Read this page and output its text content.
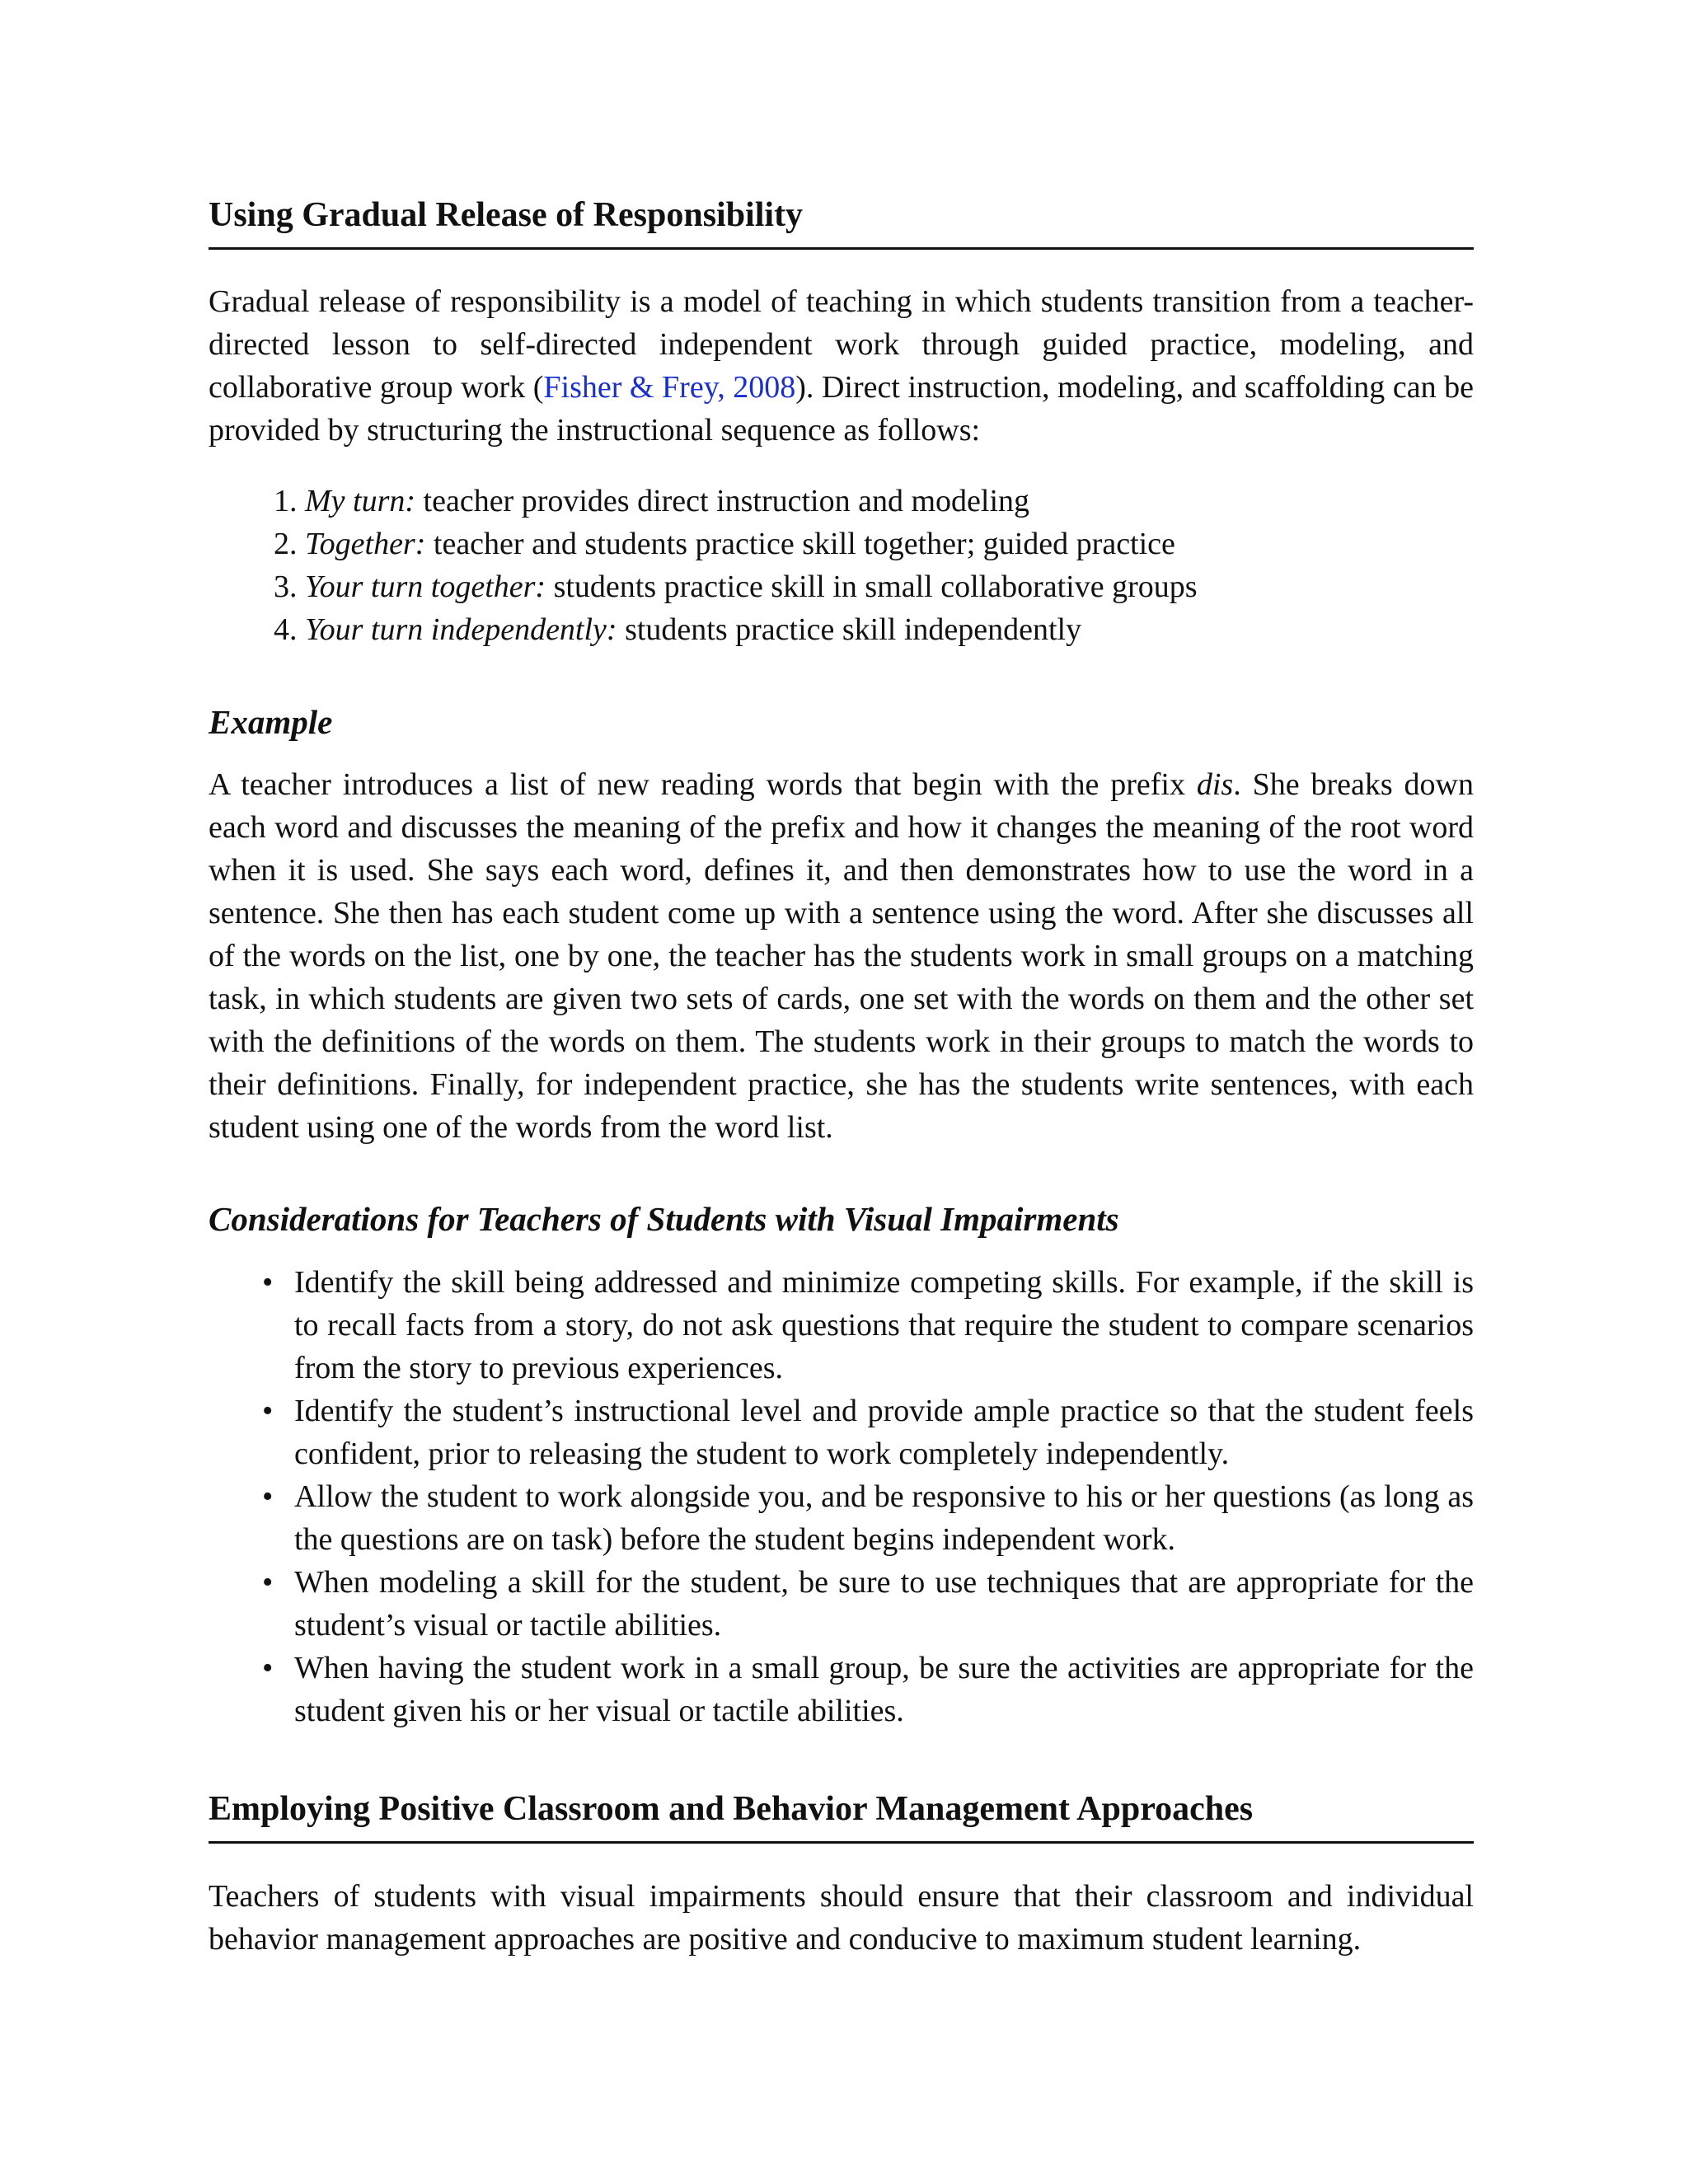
Using Gradual Release of Responsibility

Gradual release of responsibility is a model of teaching in which students transition from a teacher-directed lesson to self-directed independent work through guided practice, modeling, and collaborative group work (Fisher & Frey, 2008). Direct instruction, modeling, and scaffolding can be provided by structuring the instructional sequence as follows:

1. My turn: teacher provides direct instruction and modeling
2. Together: teacher and students practice skill together; guided practice
3. Your turn together: students practice skill in small collaborative groups
4. Your turn independently: students practice skill independently
Example

A teacher introduces a list of new reading words that begin with the prefix dis. She breaks down each word and discusses the meaning of the prefix and how it changes the meaning of the root word when it is used. She says each word, defines it, and then demonstrates how to use the word in a sentence. She then has each student come up with a sentence using the word. After she discusses all of the words on the list, one by one, the teacher has the students work in small groups on a matching task, in which students are given two sets of cards, one set with the words on them and the other set with the definitions of the words on them. The students work in their groups to match the words to their definitions. Finally, for independent practice, she has the students write sentences, with each student using one of the words from the word list.

Considerations for Teachers of Students with Visual Impairments
• Identify the skill being addressed and minimize competing skills. For example, if the skill is to recall facts from a story, do not ask questions that require the student to compare scenarios from the story to previous experiences.
• Identify the student’s instructional level and provide ample practice so that the student feels confident, prior to releasing the student to work completely independently.
• Allow the student to work alongside you, and be responsive to his or her questions (as long as the questions are on task) before the student begins independent work.
• When modeling a skill for the student, be sure to use techniques that are appropriate for the student’s visual or tactile abilities.
• When having the student work in a small group, be sure the activities are appropriate for the student given his or her visual or tactile abilities.
Employing Positive Classroom and Behavior Management Approaches

Teachers of students with visual impairments should ensure that their classroom and individual behavior management approaches are positive and conducive to maximum student learning.
